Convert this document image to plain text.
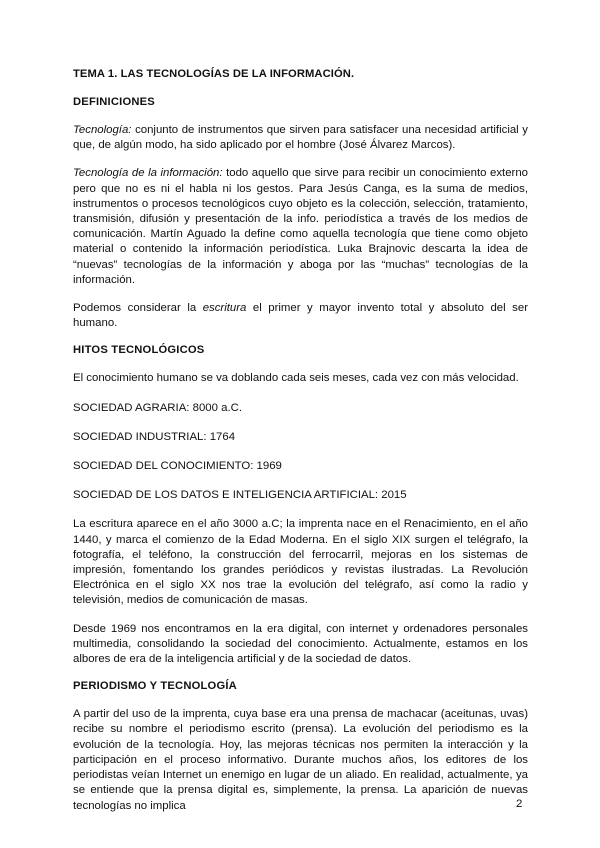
TEMA 1. LAS TECNOLOGÍAS DE LA INFORMACIÓN.
DEFINICIONES

Tecnología: conjunto de instrumentos que sirven para satisfacer una necesidad artificial y que, de algún modo, ha sido aplicado por el hombre (José Álvarez Marcos).

Tecnología de la información: todo aquello que sirve para recibir un conocimiento externo pero que no es ni el habla ni los gestos. Para Jesús Canga, es la suma de medios, instrumentos o procesos tecnológicos cuyo objeto es la colección, selección, tratamiento, transmisión, difusión y presentación de la info. periodística a través de los medios de comunicación. Martín Aguado la define como aquella tecnología que tiene como objeto material o contenido la información periodística. Luka Brajnovic descarta la idea de “nuevas” tecnologías de la información y aboga por las “muchas” tecnologías de la información.

Podemos considerar la escritura el primer y mayor invento total y absoluto del ser humano.

HITOS TECNOLÓGICOS

El conocimiento humano se va doblando cada seis meses, cada vez con más velocidad.

SOCIEDAD AGRARIA: 8000 a.C.

SOCIEDAD INDUSTRIAL: 1764

SOCIEDAD DEL CONOCIMIENTO: 1969

SOCIEDAD DE LOS DATOS E INTELIGENCIA ARTIFICIAL: 2015

La escritura aparece en el año 3000 a.C; la imprenta nace en el Renacimiento, en el año 1440, y marca el comienzo de la Edad Moderna. En el siglo XIX surgen el telégrafo, la fotografía, el teléfono, la construcción del ferrocarril, mejoras en los sistemas de impresión, fomentando los grandes periódicos y revistas ilustradas. La Revolución Electrónica en el siglo XX nos trae la evolución del telégrafo, así como la radio y televisión, medios de comunicación de masas.

Desde 1969 nos encontramos en la era digital, con internet y ordenadores personales multimedia, consolidando la sociedad del conocimiento. Actualmente, estamos en los albores de era de la inteligencia artificial y de la sociedad de datos.

PERIODISMO Y TECNOLOGÍA

A partir del uso de la imprenta, cuya base era una prensa de machacar (aceitunas, uvas) recibe su nombre el periodismo escrito (prensa). La evolución del periodismo es la evolución de la tecnología. Hoy, las mejoras técnicas nos permiten la interacción y la participación en el proceso informativo. Durante muchos años, los editores de los periodistas veían Internet un enemigo en lugar de un aliado. En realidad, actualmente, ya se entiende que la prensa digital es, simplemente, la prensa. La aparición de nuevas tecnologías no implica	2
